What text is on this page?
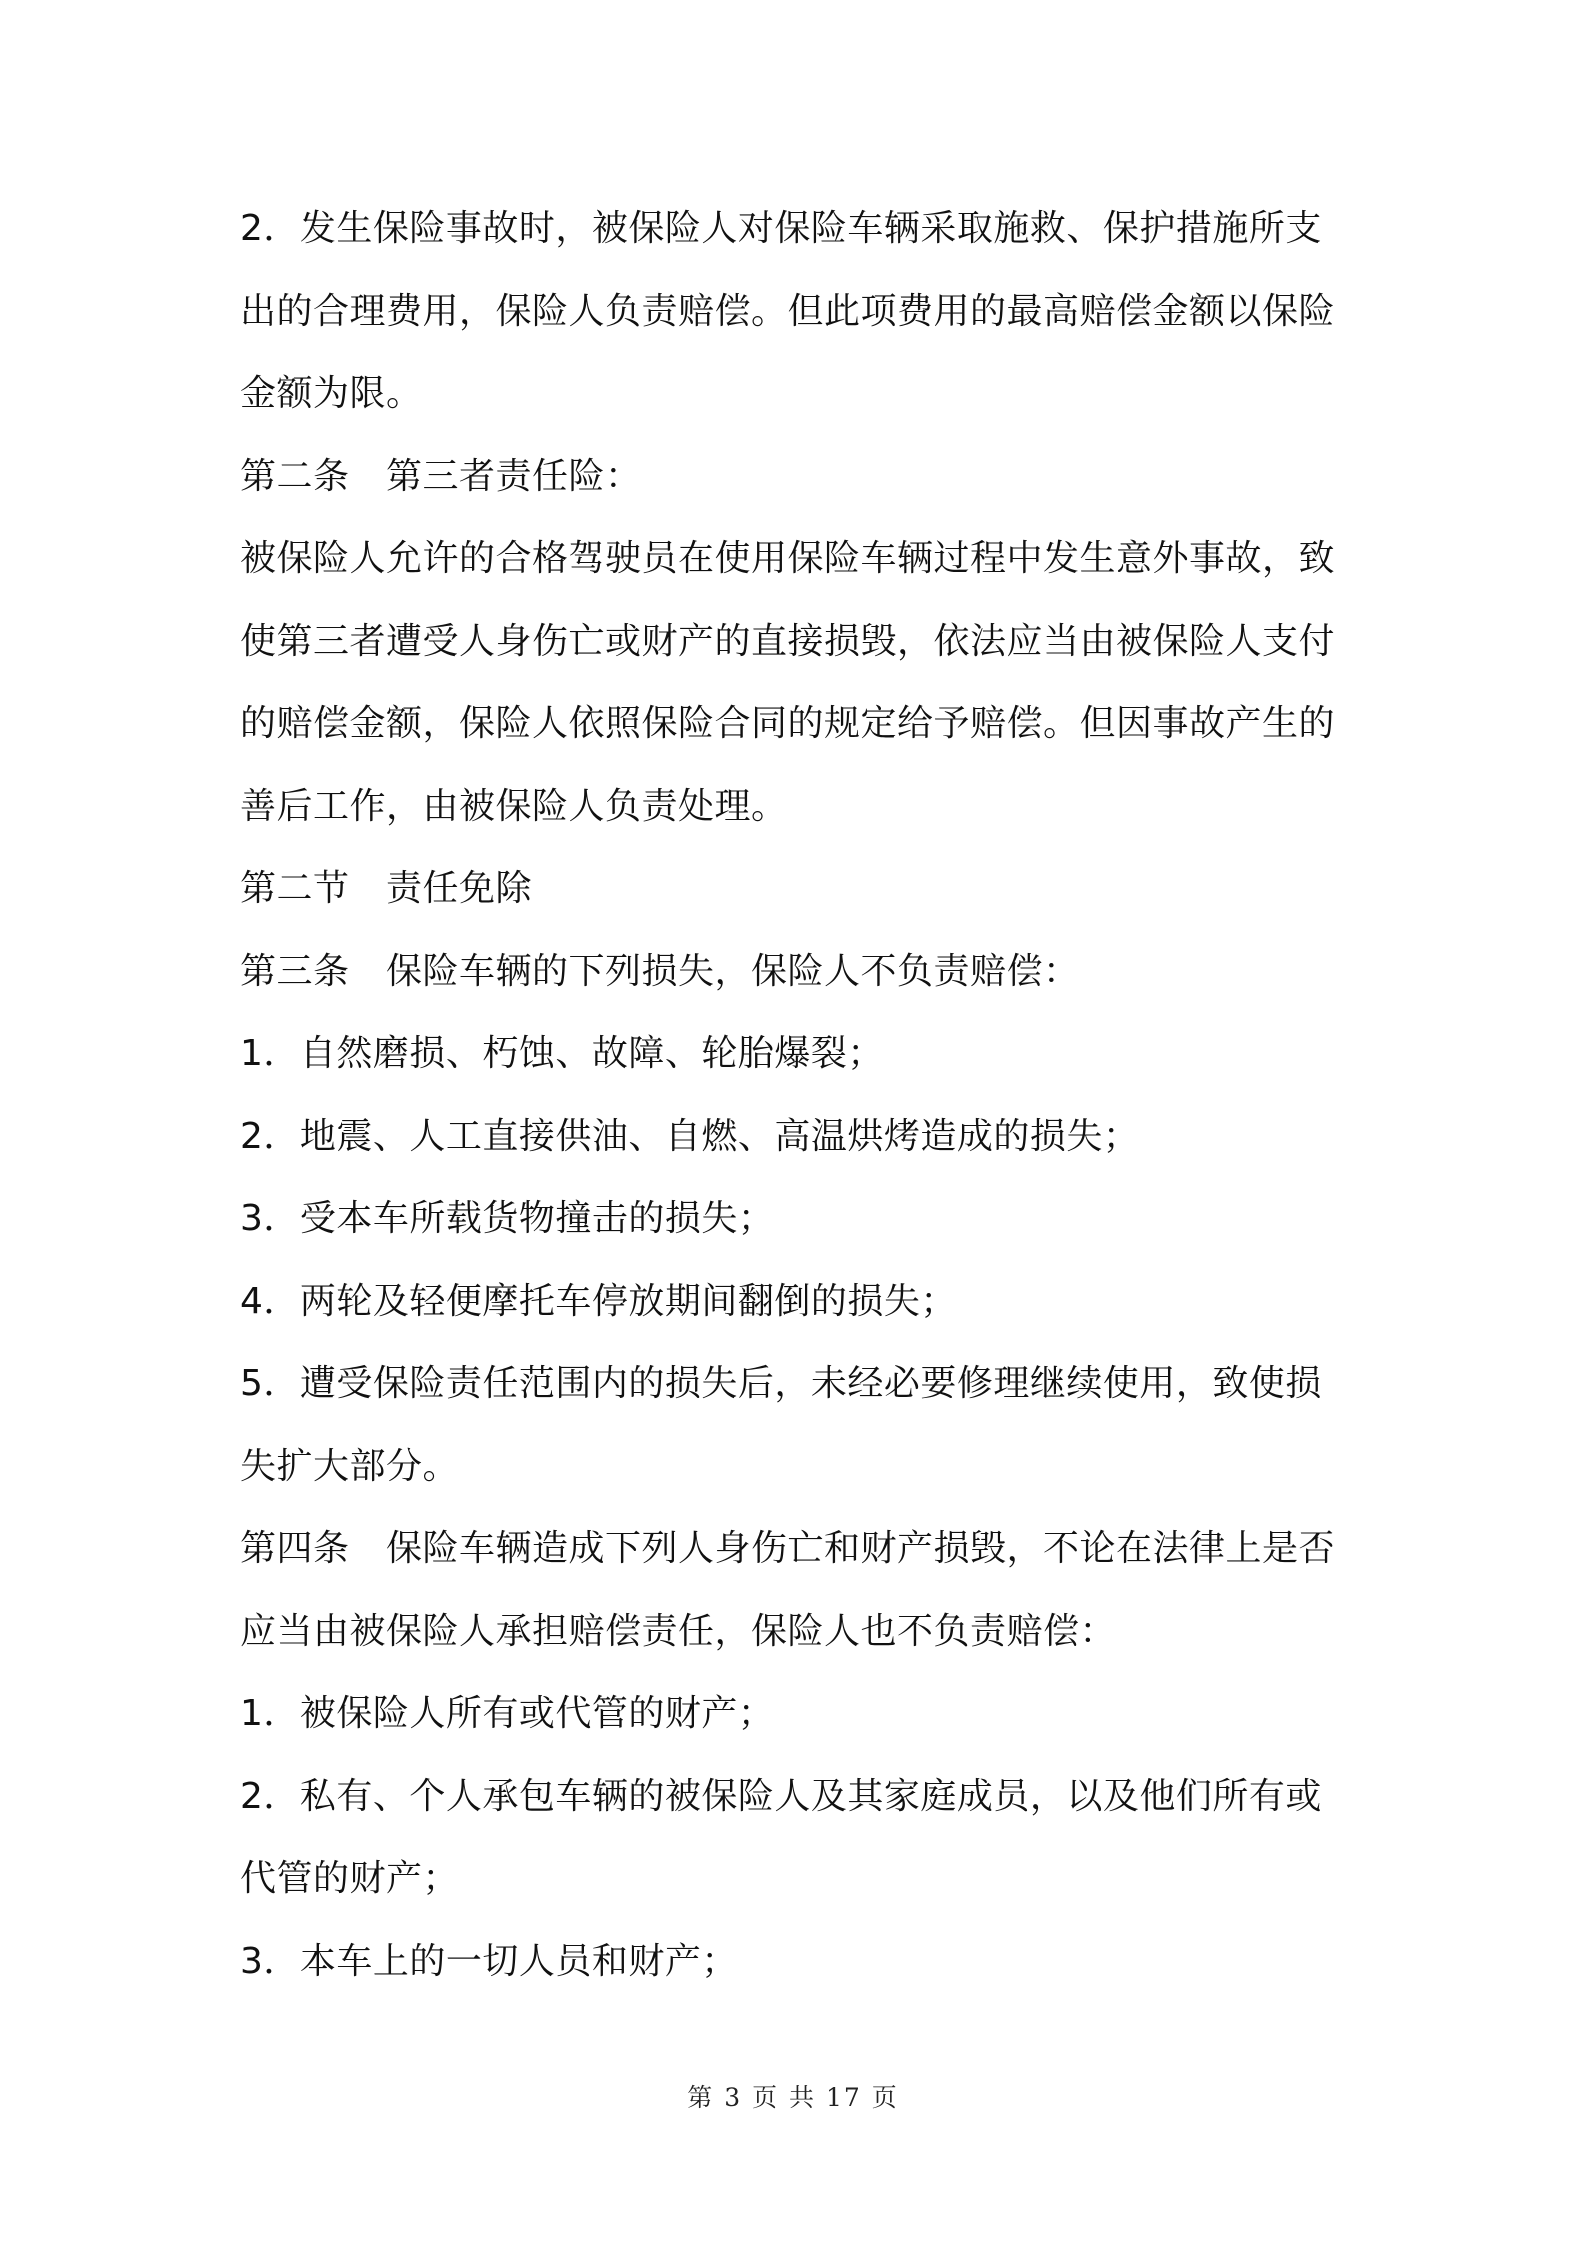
2．发生保险事故时，被保险人对保险车辆采取施救、保护措施所支
出的合理费用，保险人负责赔偿。但此项费用的最高赔偿金额以保险
金额为限。
第二条　第三者责任险：
被保险人允许的合格驾驶员在使用保险车辆过程中发生意外事故，致
使第三者遭受人身伤亡或财产的直接损毁，依法应当由被保险人支付
的赔偿金额，保险人依照保险合同的规定给予赔偿。但因事故产生的
善后工作，由被保险人负责处理。
第二节　责任免除
第三条　保险车辆的下列损失，保险人不负责赔偿：
1．自然磨损、朽蚀、故障、轮胎爆裂；
2．地震、人工直接供油、自燃、高温烘烤造成的损失；
3．受本车所载货物撞击的损失；
4．两轮及轻便摩托车停放期间翻倒的损失；
5．遭受保险责任范围内的损失后，未经必要修理继续使用，致使损
失扩大部分。
第四条　保险车辆造成下列人身伤亡和财产损毁，不论在法律上是否
应当由被保险人承担赔偿责任，保险人也不负责赔偿：
1．被保险人所有或代管的财产；
2．私有、个人承包车辆的被保险人及其家庭成员，以及他们所有或
代管的财产；
3．本车上的一切人员和财产；
第 3 页 共 17 页
